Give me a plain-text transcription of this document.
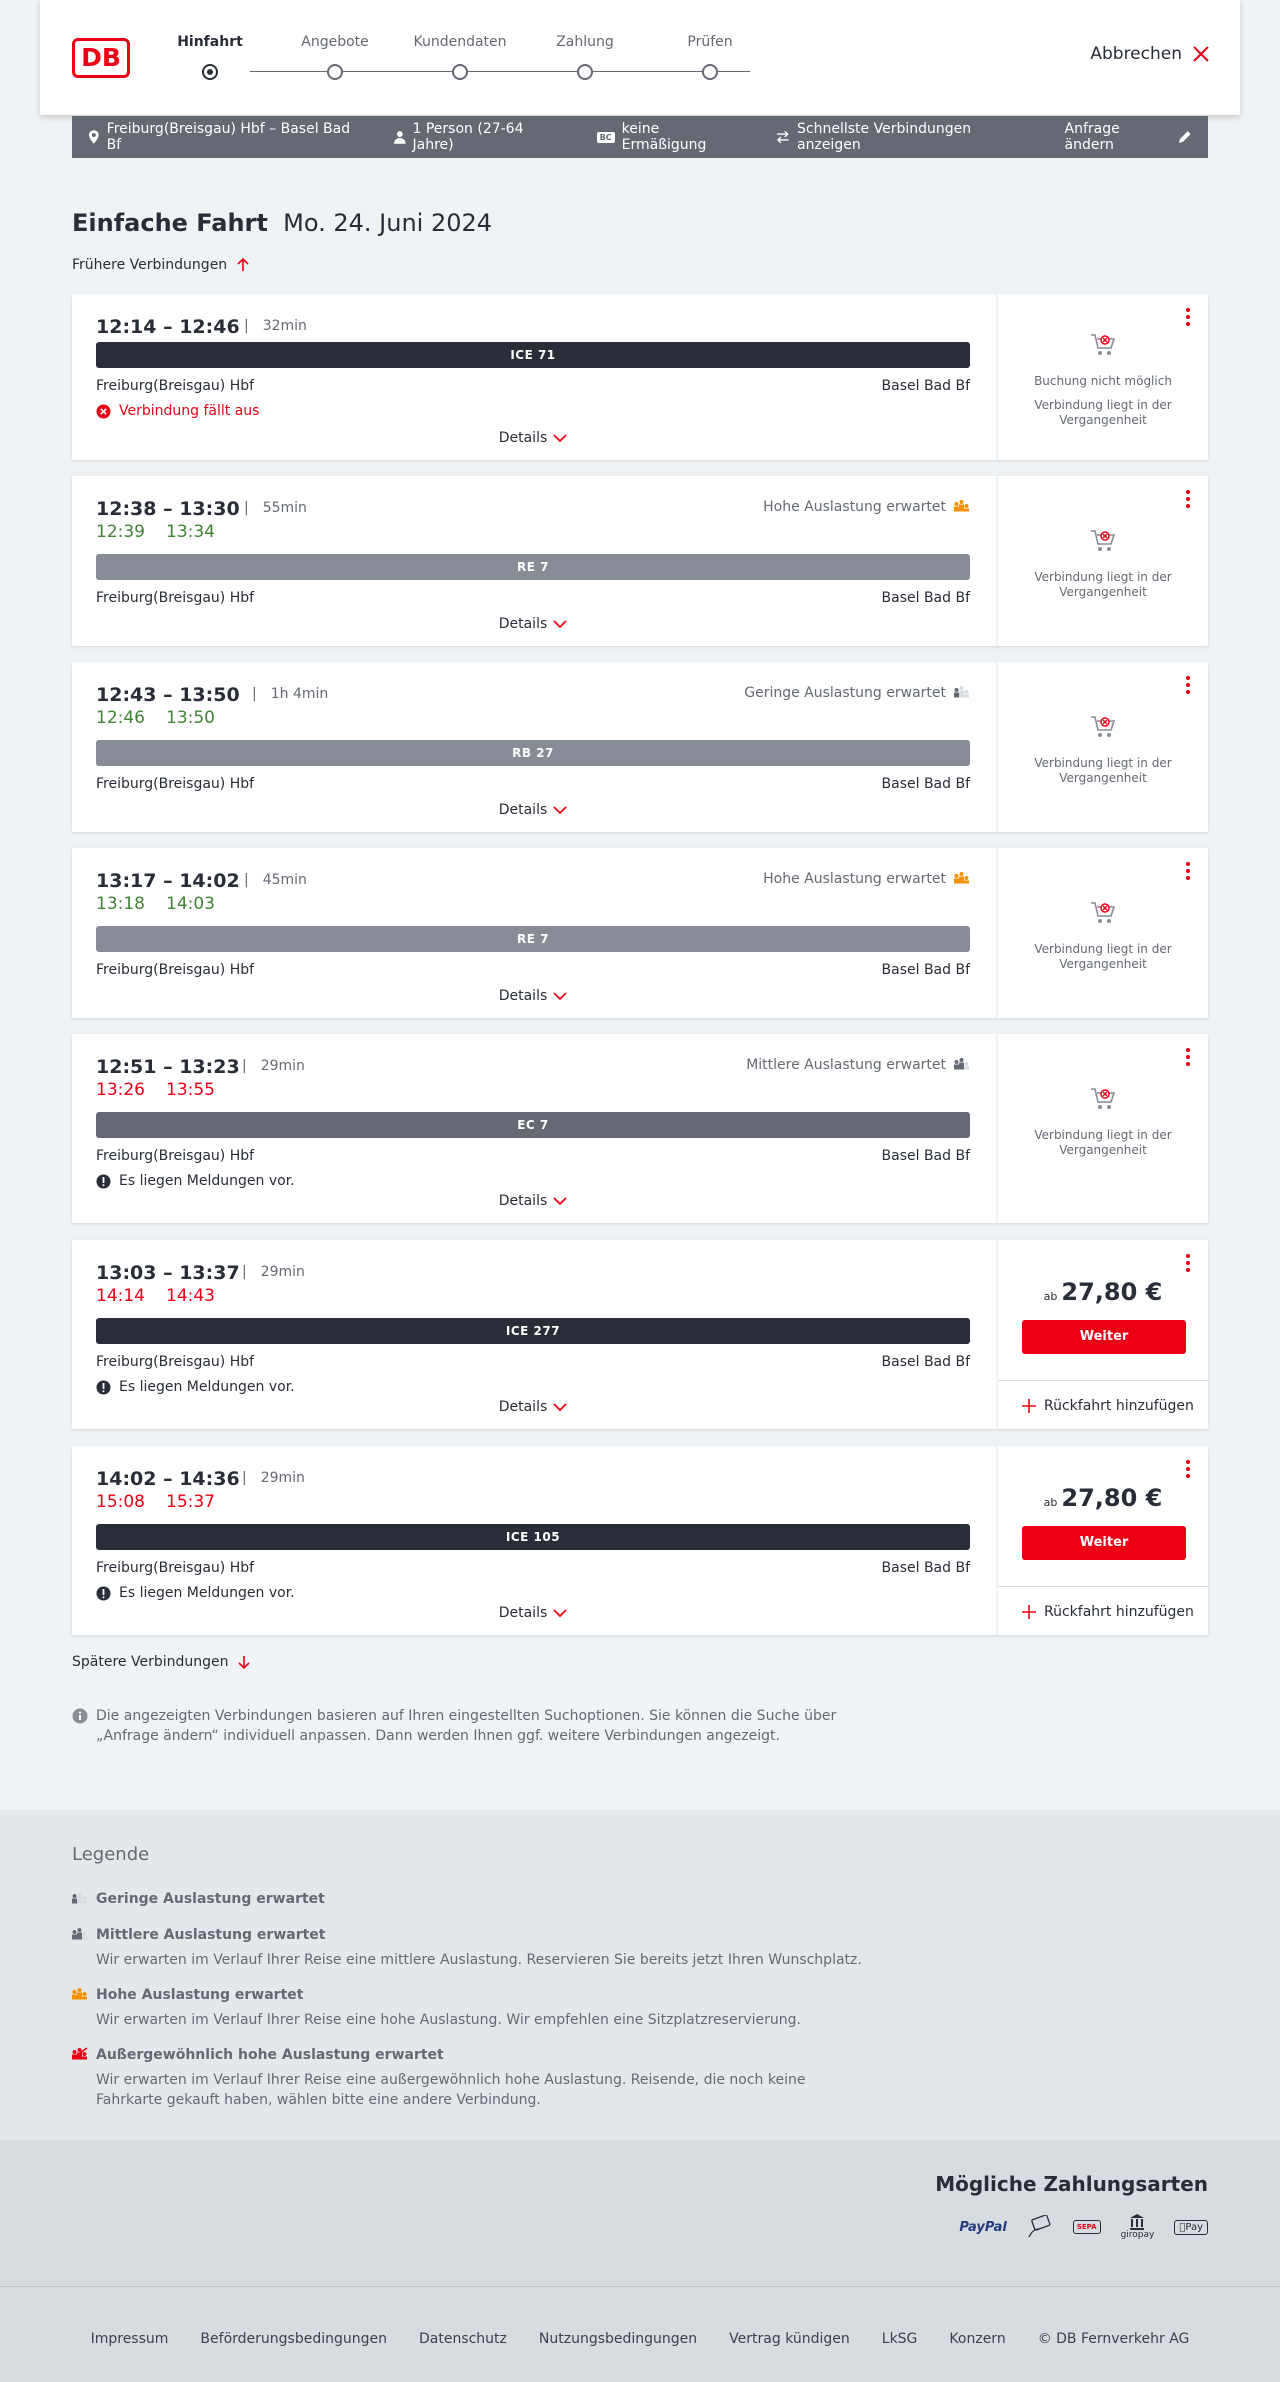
DB
Hinfahrt	Angebote	Kundendaten	Zahlung	Prüfen
Abbrechen
Freiburg(Breisgau) Hbf – Basel Bad Bf
1 Person (27-64 Jahre)	BC keine Ermäßigung
Schnellste Verbindungen anzeigen
Anfrage ändern
Einfache Fahrt Mo. 24. Juni 2024
Frühere Verbindungen
12:14 – 12:46	| 32min
ICE 71
Freiburg(Breisgau) Hbf	Basel Bad Bf
Verbindung fällt aus
Details
Buchung nicht möglich
Verbindung liegt in der Vergangenheit
12:38 – 13:30	| 55min
12:39 13:34
Hohe Auslastung erwartet
RE 7
Freiburg(Breisgau) Hbf	Basel Bad Bf
Details
Verbindung liegt in der Vergangenheit
12:43 – 13:50	| 1h 4min
12:46 13:50
Geringe Auslastung erwartet
RB 27
Freiburg(Breisgau) Hbf	Basel Bad Bf
Details
Verbindung liegt in der Vergangenheit
13:17 – 14:02	| 45min
13:18 14:03
Hohe Auslastung erwartet
RE 7
Freiburg(Breisgau) Hbf	Basel Bad Bf
Details
Verbindung liegt in der Vergangenheit
12:51 – 13:23	| 29min
13:26 13:55
Mittlere Auslastung erwartet
EC 7
Freiburg(Breisgau) Hbf	Basel Bad Bf
Es liegen Meldungen vor.
Details
Verbindung liegt in der Vergangenheit
13:03 – 13:37	| 29min
14:14 14:43
ICE 277
Freiburg(Breisgau) Hbf	Basel Bad Bf
Es liegen Meldungen vor.
Details
ab 27,80 €
Weiter
Rückfahrt hinzufügen
14:02 – 14:36	| 29min
15:08 15:37
ICE 105
Freiburg(Breisgau) Hbf	Basel Bad Bf
Es liegen Meldungen vor.
Details
ab 27,80 €
Weiter
Rückfahrt hinzufügen
Spätere Verbindungen
Die angezeigten Verbindungen basieren auf Ihren eingestellten Suchoptionen. Sie können die Suche über „Anfrage ändern“ individuell anpassen. Dann werden Ihnen ggf. weitere Verbindungen angezeigt.
Legende
Geringe Auslastung erwartet
Mittlere Auslastung erwartet
Wir erwarten im Verlauf Ihrer Reise eine mittlere Auslastung. Reservieren Sie bereits jetzt Ihren Wunschplatz.
Hohe Auslastung erwartet
Wir erwarten im Verlauf Ihrer Reise eine hohe Auslastung. Wir empfehlen eine Sitzplatzreservierung.
Außergewöhnlich hohe Auslastung erwartet
Wir erwarten im Verlauf Ihrer Reise eine außergewöhnlich hohe Auslastung. Reisende, die noch keine Fahrkarte gekauft haben, wählen bitte eine andere Verbindung.
Mögliche Zahlungsarten
PayPal	SEPA
giropay
Pay
Impressum Beförderungsbedingungen Datenschutz Nutzungsbedingungen Vertrag kündigen LkSG Konzern © DB Fernverkehr AG
